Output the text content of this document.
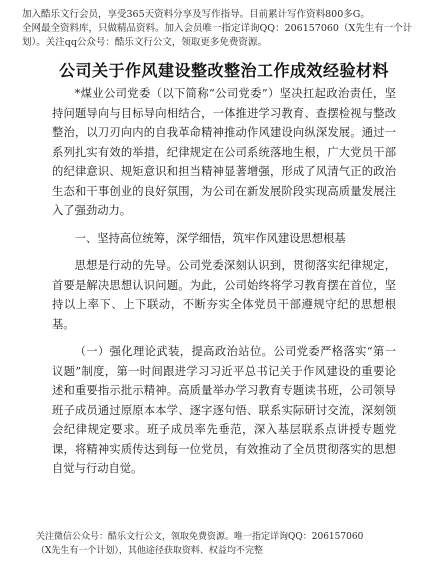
加入酷乐文行会员，享受365天资料分享及写作指导。目前累计写作资料800多G。
全网最全资料库，只做精品资料。加入会员唯一指定详询QQ：206157060（X先生有一个计划）。关注qq公众号：酷乐文行公文，领取更多免费资源。
公司关于作风建设整改整治工作成效经验材料

*煤业公司党委（以下简称“公司党委”）坚决扛起政治责任，坚持问题导向与目标导向相结合，一体推进学习教育、查摆检视与整改整治，以刀刃向内的自我革命精神推动作风建设向纵深发展。通过一系列扎实有效的举措，纪律规定在公司系统落地生根，广大党员干部的纪律意识、规矩意识和担当精神显著增强，形成了风清气正的政治生态和干事创业的良好氛围，为公司在新发展阶段实现高质量发展注入了强劲动力。

一、坚持高位统筹，深学细悟，筑牢作风建设思想根基

思想是行动的先导。公司党委深刻认识到，贯彻落实纪律规定，首要是解决思想认识问题。为此，公司始终将学习教育摆在首位，坚持以上率下、上下联动，不断夯实全体党员干部遵规守纪的思想根基。

（一）强化理论武装，提高政治站位。公司党委严格落实“第一议题”制度，第一时间跟进学习习近平总书记关于作风建设的重要论述和重要指示批示精神。高质量举办学习教育专题读书班，公司领导班子成员通过原原本本学、逐字逐句悟、联系实际研讨交流，深刻领会纪律规定要求。班子成员率先垂范，深入基层联系点讲授专题党课，将精神实质传达到每一位党员，有效推动了全员贯彻落实的思想自觉与行动自觉。

关注微信公众号：酷乐文行公文，领取免费资源。唯一指定详询QQ：206157060
（X先生有一个计划），其他途径获取资料、权益均不完整
